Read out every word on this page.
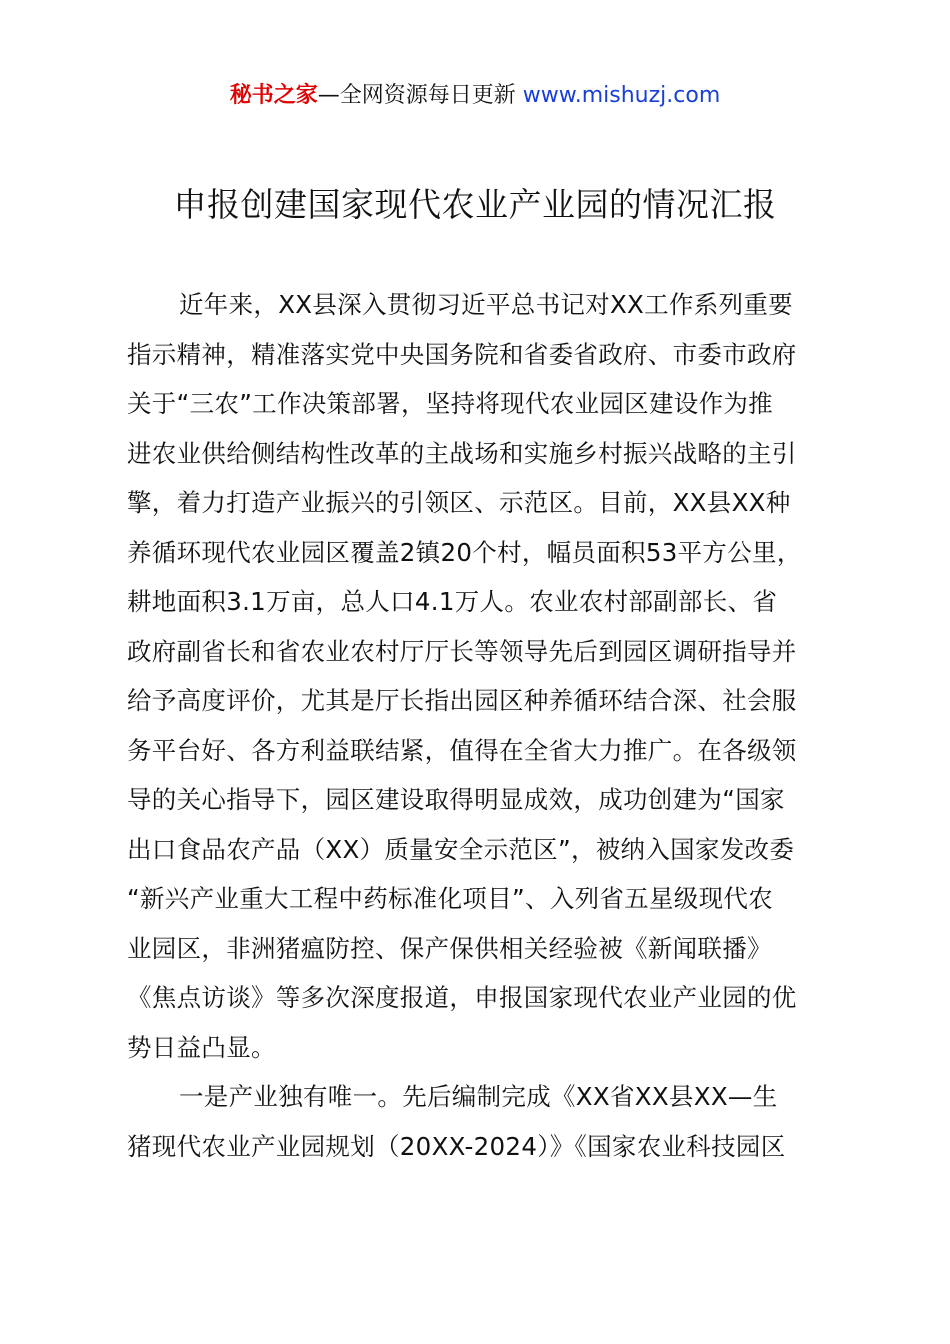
秘书之家—全网资源每日更新 www.mishuzj.com
申报创建国家现代农业产业园的情况汇报
近年来，XX县深入贯彻习近平总书记对XX工作系列重要
指示精神，精准落实党中央国务院和省委省政府、市委市政府
关于“三农”工作决策部署，坚持将现代农业园区建设作为推
进农业供给侧结构性改革的主战场和实施乡村振兴战略的主引
擎，着力打造产业振兴的引领区、示范区。目前，XX县XX种
养循环现代农业园区覆盖2镇20个村，幅员面积53平方公里，
耕地面积3.1万亩，总人口4.1万人。农业农村部副部长、省
政府副省长和省农业农村厅厅长等领导先后到园区调研指导并
给予高度评价，尤其是厅长指出园区种养循环结合深、社会服
务平台好、各方利益联结紧，值得在全省大力推广。在各级领
导的关心指导下，园区建设取得明显成效，成功创建为“国家
出口食品农产品（XX）质量安全示范区”，被纳入国家发改委
“新兴产业重大工程中药标准化项目”、入列省五星级现代农
业园区，非洲猪瘟防控、保产保供相关经验被《新闻联播》
《焦点访谈》等多次深度报道，申报国家现代农业产业园的优
势日益凸显。
一是产业独有唯一。先后编制完成《XX省XX县XX—生
猪现代农业产业园规划（20XX-2024）》《国家农业科技园区
